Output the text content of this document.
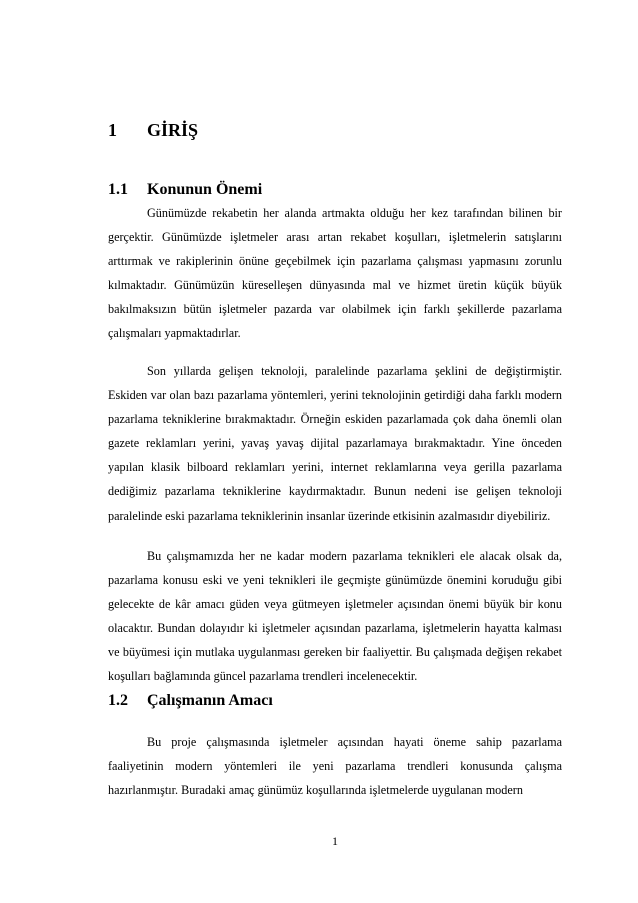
1 GİRİŞ
1.1 Konunun Önemi

Günümüzde rekabetin her alanda artmakta olduğu her kez tarafından bilinen bir gerçektir. Günümüzde işletmeler arası artan rekabet koşulları, işletmelerin satışlarını arttırmak ve rakiplerinin önüne geçebilmek için pazarlama çalışması yapmasını zorunlu kılmaktadır. Günümüzün küreselleşen dünyasında mal ve hizmet üretin küçük büyük bakılmaksızın bütün işletmeler pazarda var olabilmek için farklı şekillerde pazarlama çalışmaları yapmaktadırlar.

Son yıllarda gelişen teknoloji, paralelinde pazarlama şeklini de değiştirmiştir. Eskiden var olan bazı pazarlama yöntemleri, yerini teknolojinin getirdiği daha farklı modern pazarlama tekniklerine bırakmaktadır. Örneğin eskiden pazarlamada çok daha önemli olan gazete reklamları yerini, yavaş yavaş dijital pazarlamaya bırakmaktadır. Yine önceden yapılan klasik bilboard reklamları yerini, internet reklamlarına veya gerilla pazarlama dediğimiz pazarlama tekniklerine kaydırmaktadır. Bunun nedeni ise gelişen teknoloji paralelinde eski pazarlama tekniklerinin insanlar üzerinde etkisinin azalmasıdır diyebiliriz.

Bu çalışmamızda her ne kadar modern pazarlama teknikleri ele alacak olsak da, pazarlama konusu eski ve yeni teknikleri ile geçmişte günümüzde önemini koruduğu gibi gelecekte de kâr amacı güden veya gütmeyen işletmeler açısından önemi büyük bir konu olacaktır. Bundan dolayıdır ki işletmeler açısından pazarlama, işletmelerin hayatta kalması ve büyümesi için mutlaka uygulanması gereken bir faaliyettir. Bu çalışmada değişen rekabet koşulları bağlamında güncel pazarlama trendleri incelenecektir.

1.2 Çalışmanın Amacı

Bu proje çalışmasında işletmeler açısından hayati öneme sahip pazarlama faaliyetinin modern yöntemleri ile yeni pazarlama trendleri konusunda çalışma hazırlanmıştır. Buradaki amaç günümüz koşullarında işletmelerde uygulanan modern

1
